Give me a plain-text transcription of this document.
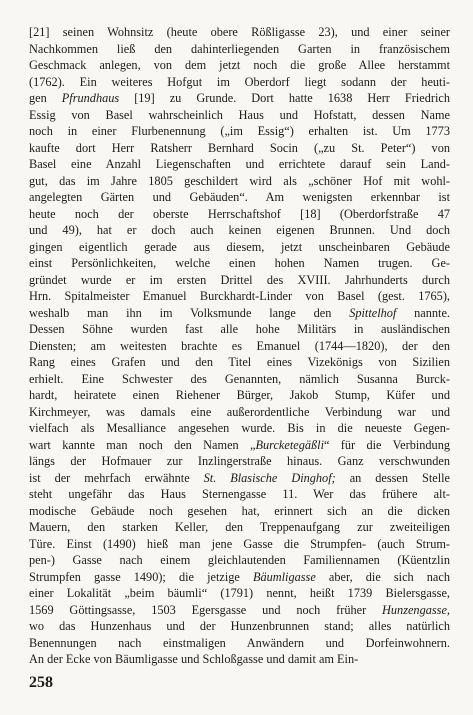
[21] seinen Wohnsitz (heute obere Rößligasse 23), und einer seiner
Nachkommen ließ den dahinterliegenden Garten in französischem
Geschmack anlegen, von dem jetzt noch die große Allee herstammt
(1762). Ein weiteres Hofgut im Oberdorf liegt sodann der heuti-
gen Pfrundhaus [19] zu Grunde. Dort hatte 1638 Herr Friedrich
Essig von Basel wahrscheinlich Haus und Hofstatt, dessen Name
noch in einer Flurbenennung („im Essig“) erhalten ist. Um 1773
kaufte dort Herr Ratsherr Bernhard Socin („zu St. Peter“) von
Basel eine Anzahl Liegenschaften und errichtete darauf sein Land-
gut, das im Jahre 1805 geschildert wird als „schöner Hof mit wohl-
angelegten Gärten und Gebäuden“. Am wenigsten erkennbar ist
heute noch der oberste Herrschaftshof [18] (Oberdorfstraße 47
und 49), hat er doch auch keinen eigenen Brunnen. Und doch
gingen eigentlich gerade aus diesem, jetzt unscheinbaren Gebäude
einst Persönlichkeiten, welche einen hohen Namen trugen. Ge-
gründet wurde er im ersten Drittel des XVIII. Jahrhunderts durch
Hrn. Spitalmeister Emanuel Burckhardt-Linder von Basel (gest. 1765),
weshalb man ihn im Volksmunde lange den Spittelhof nannte.
Dessen Söhne wurden fast alle hohe Militärs in ausländischen
Diensten; am weitesten brachte es Emanuel (1744—1820), der den
Rang eines Grafen und den Titel eines Vizekönigs von Sizilien
erhielt. Eine Schwester des Genannten, nämlich Susanna Burck-
hardt, heiratete einen Riehener Bürger, Jakob Stump, Küfer und
Kirchmeyer, was damals eine außerordentliche Verbindung war und
vielfach als Mesalliance angesehen wurde. Bis in die neueste Gegen-
wart kannte man noch den Namen „Burcketegäßli“ für die Verbindung
längs der Hofmauer zur Inzlingerstraße hinaus. Ganz verschwunden
ist der mehrfach erwähnte St. Blasische Dinghof; an dessen Stelle
steht ungefähr das Haus Sternengasse 11. Wer das frühere alt-
modische Gebäude noch gesehen hat, erinnert sich an die dicken
Mauern, den starken Keller, den Treppenaufgang zur zweiteiligen
Türe. Einst (1490) hieß man jene Gasse die Strumpfen- (auch Strum-
pen-) Gasse nach einem gleichlautenden Familiennamen (Küentzlin
Strumpfen gasse 1490); die jetzige Bäumligasse aber, die sich nach
einer Lokalität „beim bäumli“ (1791) nennt, heißt 1739 Bielersgasse,
1569 Göttingsasse, 1503 Egersgasse und noch früher Hunzengasse,
wo das Hunzenhaus und der Hunzenbrunnen stand; alles natürlich
Benennungen nach einstmaligen Anwändern und Dorfeinwohnern.
An der Ecke von Bäumligasse und Schloßgasse und damit am Ein-
258
